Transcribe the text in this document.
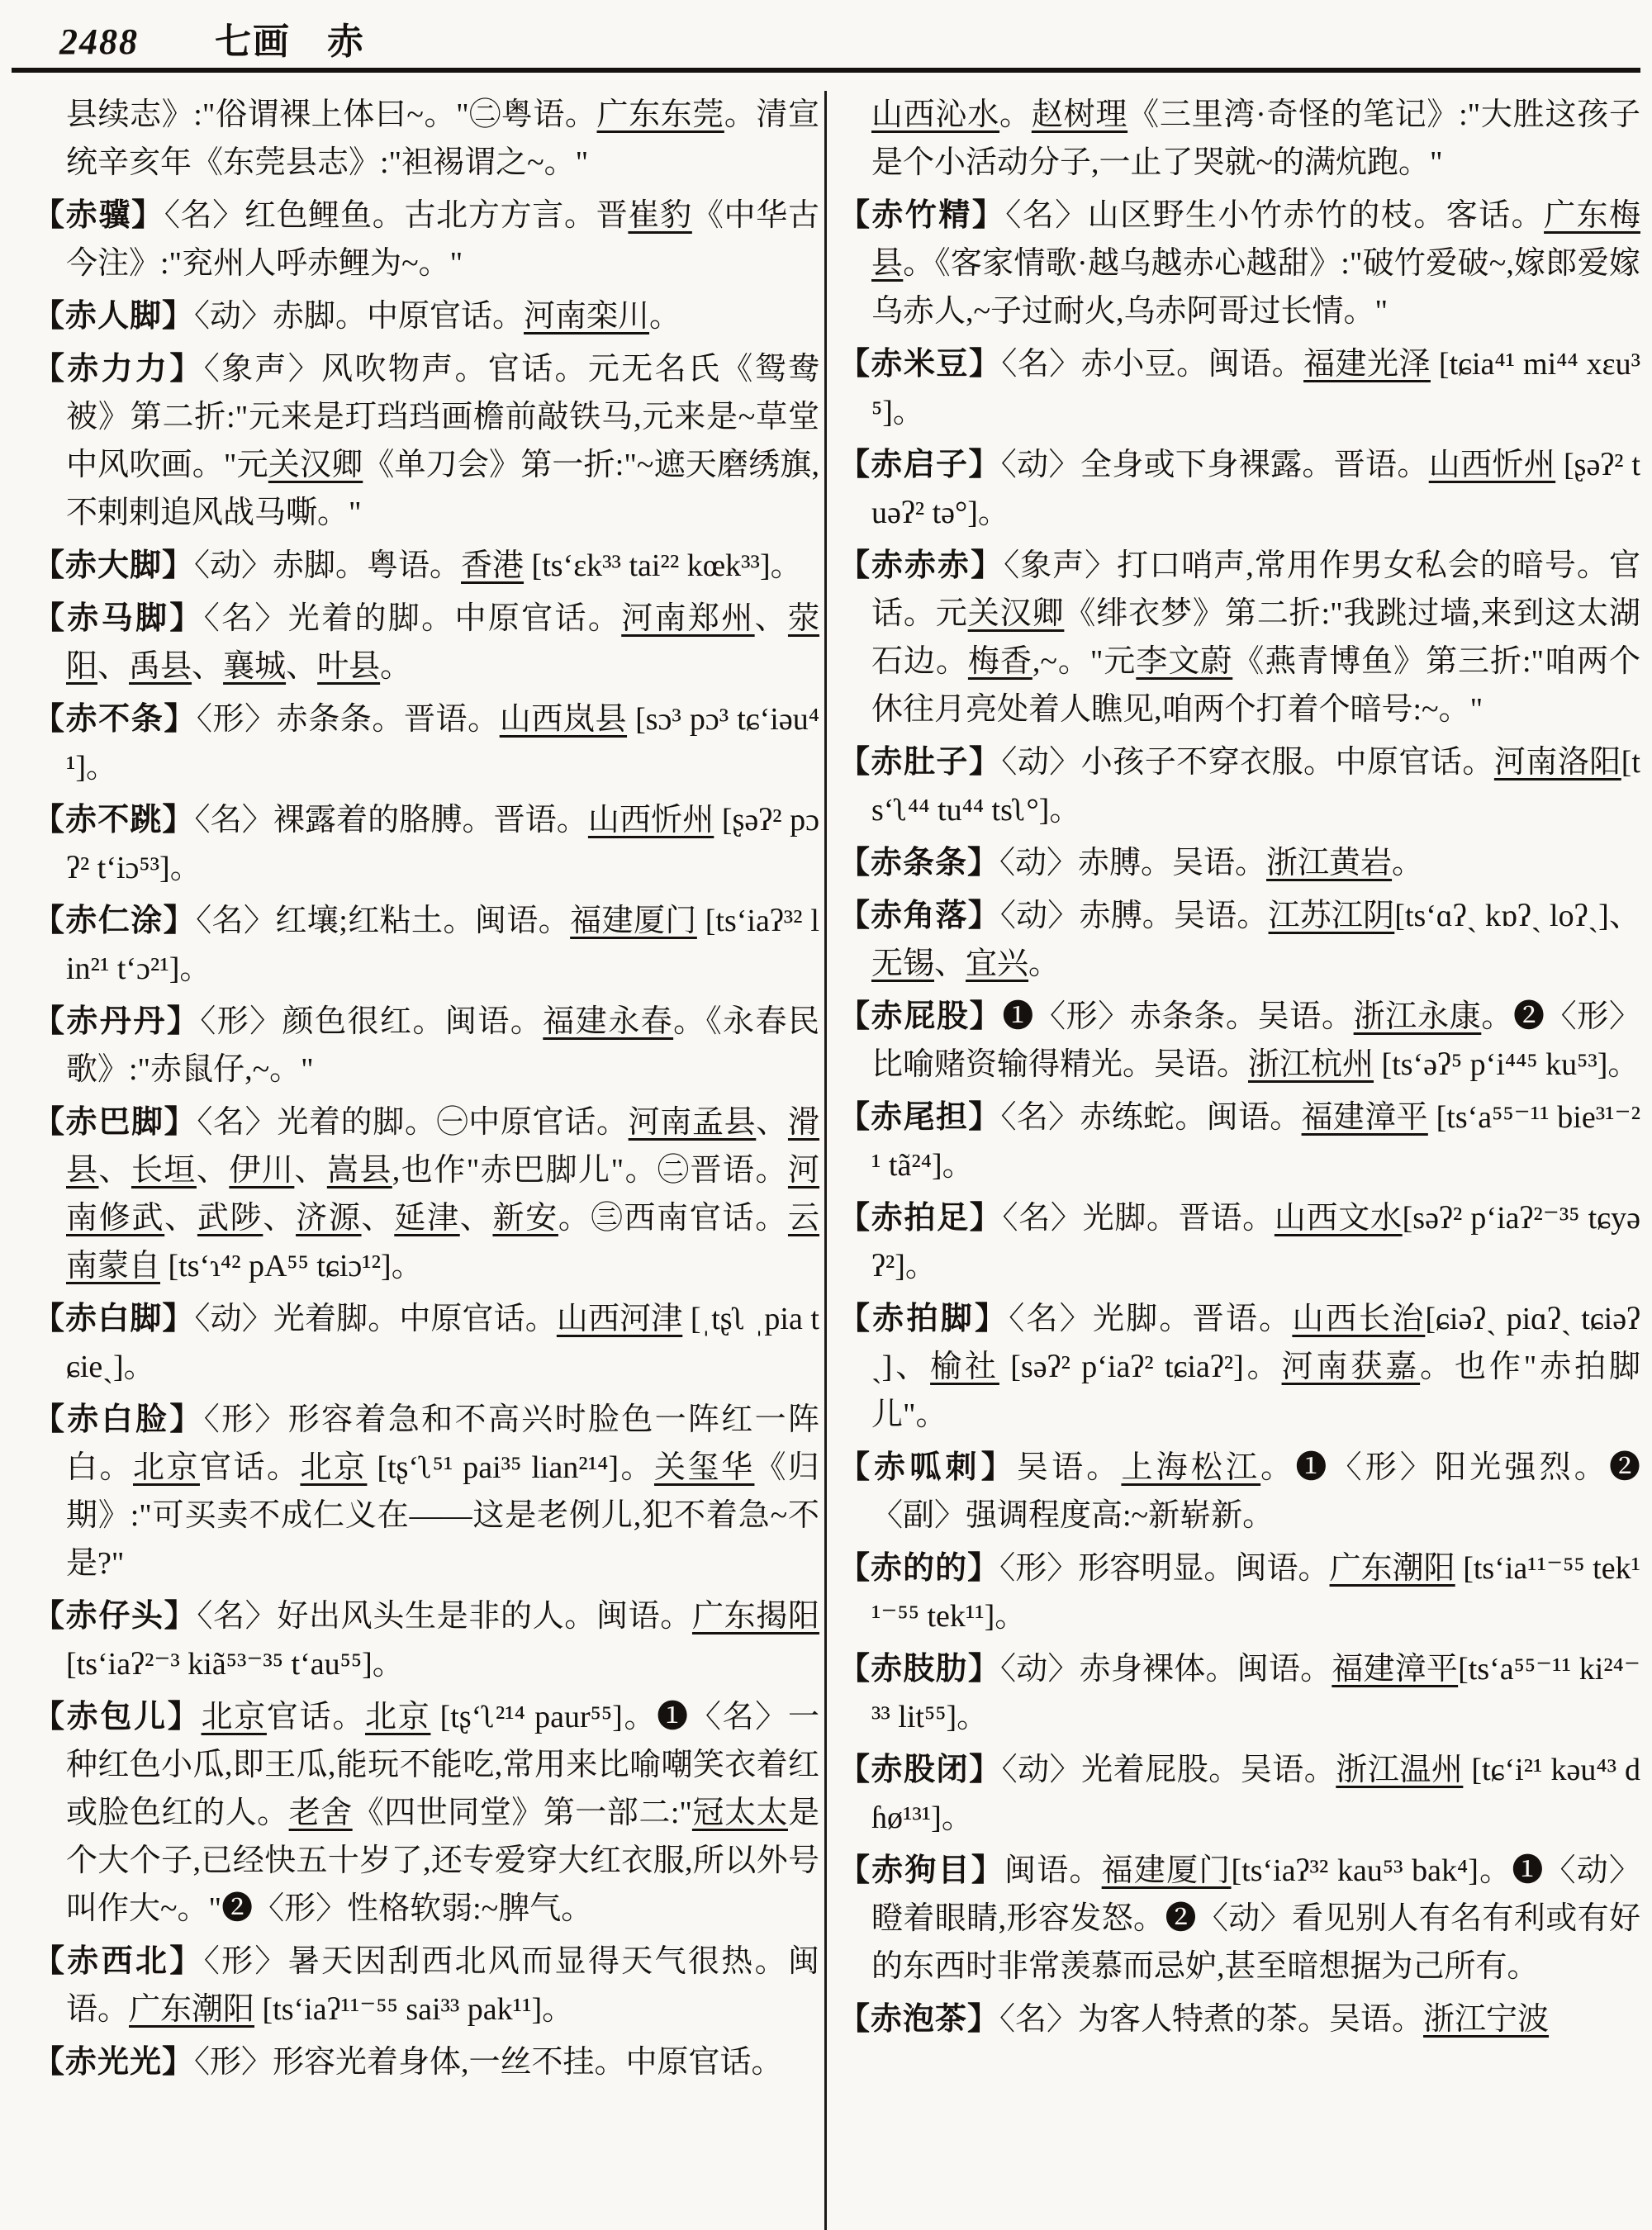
2488 七画 赤
县续志》:"俗谓裸上体曰~。"㊁粤语。广东东莞。清宣统辛亥年《东莞县志》:"袒裼谓之~。"
【赤骥】〈名〉红色鲤鱼。古北方方言。晋崔豹《中华古今注》:"兖州人呼赤鲤为~。"
【赤人脚】〈动〉赤脚。中原官话。河南栾川。
【赤力力】〈象声〉风吹物声。官话。元无名氏《鸳鸯被》第二折:"元来是玎珰珰画檐前敲铁马,元来是~草堂中风吹画。"元关汉卿《单刀会》第一折:"~遮天磨绣旗,不剌剌追风战马嘶。"
【赤大脚】〈动〉赤脚。粤语。香港 [tsʻɛk³³ tai²² kœk³³]。
【赤马脚】〈名〉光着的脚。中原官话。河南郑州、荥阳、禹县、襄城、叶县。
【赤不条】〈形〉赤条条。晋语。山西岚县 [sɔ³ pɔ³ tɕʻiəu⁴¹]。
【赤不跳】〈名〉裸露着的胳膊。晋语。山西忻州 [ʂəʔ² pɔʔ² tʻiɔ⁵³]。
【赤仁涂】〈名〉红壤;红粘土。闽语。福建厦门 [tsʻiaʔ³² lin²¹ tʻɔ²¹]。
【赤丹丹】〈形〉颜色很红。闽语。福建永春。《永春民歌》:"赤鼠仔,~。"
【赤巴脚】〈名〉光着的脚。㊀中原官话。河南孟县、滑县、长垣、伊川、嵩县,也作"赤巴脚儿"。㊁晋语。河南修武、武陟、济源、延津、新安。㊂西南官话。云南蒙自 [tsʻɿ⁴² pA⁵⁵ tɕiɔ¹²]。
【赤白脚】〈动〉光着脚。中原官话。山西河津 [ˌtʂʅ ˌpia tɕieˏ]。
【赤白脸】〈形〉形容着急和不高兴时脸色一阵红一阵白。北京官话。北京 [tʂʻʅ⁵¹ pai³⁵ lian²¹⁴]。关玺华《归期》:"可买卖不成仁义在——这是老例儿,犯不着急~不是?"
【赤仔头】〈名〉好出风头生是非的人。闽语。广东揭阳[tsʻiaʔ²⁻³ kiã⁵³⁻³⁵ tʻau⁵⁵]。
【赤包儿】北京官话。北京 [tʂʻʅ²¹⁴ paur⁵⁵]。❶〈名〉一种红色小瓜,即王瓜,能玩不能吃,常用来比喻嘲笑衣着红或脸色红的人。老舍《四世同堂》第一部二:"冠太太是个大个子,已经快五十岁了,还专爱穿大红衣服,所以外号叫作大~。"❷〈形〉性格软弱:~脾气。
【赤西北】〈形〉暑天因刮西北风而显得天气很热。闽语。广东潮阳 [tsʻiaʔ¹¹⁻⁵⁵ sai³³ pak¹¹]。
【赤光光】〈形〉形容光着身体,一丝不挂。中原官话。
山西沁水。赵树理《三里湾·奇怪的笔记》:"大胜这孩子是个小活动分子,一止了哭就~的满炕跑。"
【赤竹精】〈名〉山区野生小竹赤竹的枝。客话。广东梅县。《客家情歌·越乌越赤心越甜》:"破竹爱破~,嫁郎爱嫁乌赤人,~子过耐火,乌赤阿哥过长情。"
【赤米豆】〈名〉赤小豆。闽语。福建光泽 [tɕia⁴¹ mi⁴⁴ xɛu³⁵]。
【赤启子】〈动〉全身或下身裸露。晋语。山西忻州 [ʂəʔ² tuəʔ² tə°]。
【赤赤赤】〈象声〉打口哨声,常用作男女私会的暗号。官话。元关汉卿《绯衣梦》第二折:"我跳过墙,来到这太湖石边。梅香,~。"元李文蔚《燕青博鱼》第三折:"咱两个休往月亮处着人瞧见,咱两个打着个暗号:~。"
【赤肚子】〈动〉小孩子不穿衣服。中原官话。河南洛阳[tsʻʅ⁴⁴ tu⁴⁴ tsʅ°]。
【赤条条】〈动〉赤膊。吴语。浙江黄岩。
【赤角落】〈动〉赤膊。吴语。江苏江阴[tsʻɑʔˏ kɒʔˏ loʔˏ]、无锡、宜兴。
【赤屁股】❶〈形〉赤条条。吴语。浙江永康。❷〈形〉比喻赌资输得精光。吴语。浙江杭州 [tsʻəʔ⁵ pʻi⁴⁴⁵ ku⁵³]。
【赤尾担】〈名〉赤练蛇。闽语。福建漳平 [tsʻa⁵⁵⁻¹¹ bie³¹⁻²¹ tã²⁴]。
【赤拍足】〈名〉光脚。晋语。山西文水[səʔ² pʻiaʔ²⁻³⁵ tɕyəʔ²]。
【赤拍脚】〈名〉光脚。晋语。山西长治[ɕiəʔˏ piɑʔˏ tɕiəʔˏ]、榆社 [səʔ² pʻiaʔ² tɕiaʔ²]。河南获嘉。也作"赤拍脚儿"。
【赤呱刺】吴语。上海松江。❶〈形〉阳光强烈。❷〈副〉强调程度高:~新崭新。
【赤的的】〈形〉形容明显。闽语。广东潮阳 [tsʻia¹¹⁻⁵⁵ tek¹¹⁻⁵⁵ tek¹¹]。
【赤肢肋】〈动〉赤身裸体。闽语。福建漳平[tsʻa⁵⁵⁻¹¹ ki²⁴⁻³³ lit⁵⁵]。
【赤股闭】〈动〉光着屁股。吴语。浙江温州 [tɕʻi²¹ kəu⁴³ dɦø¹³¹]。
【赤狗目】闽语。福建厦门[tsʻiaʔ³² kau⁵³ bak⁴]。❶〈动〉瞪着眼睛,形容发怒。❷〈动〉看见别人有名有利或有好的东西时非常羡慕而忌妒,甚至暗想据为己所有。
【赤泡茶】〈名〉为客人特煮的茶。吴语。浙江宁波
